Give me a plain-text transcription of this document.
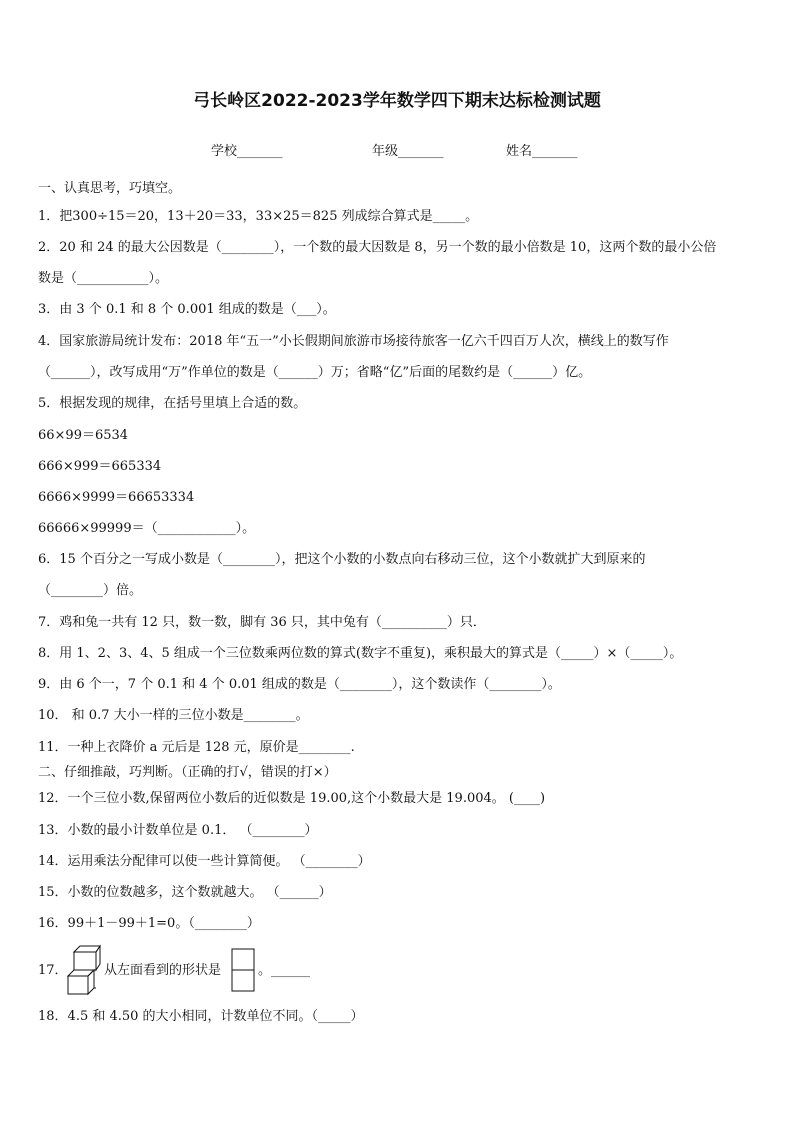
弓长岭区2022-2023学年数学四下期末达标检测试题
学校_______	年级_______	姓名_______
一、认真思考，巧填空。
1．把300÷15＝20，13＋20＝33，33×25＝825 列成综合算式是_____。
2．20 和 24 的最大公因数是（________），一个数的最大因数是 8，另一个数的最小倍数是 10，这两个数的最小公倍
数是（___________）。
3．由 3 个 0.1 和 8 个 0.001 组成的数是（___）。
4．国家旅游局统计发布：2018 年“五一”小长假期间旅游市场接待旅客一亿六千四百万人次，横线上的数写作
（______），改写成用“万”作单位的数是（______）万；省略“亿”后面的尾数约是（______）亿。
5．根据发现的规律，在括号里填上合适的数。
66×99＝6534
666×999＝665334
6666×9999＝66653334
66666×99999＝（____________）。
6．15 个百分之一写成小数是（________），把这个小数的小数点向右移动三位，这个小数就扩大到原来的
（________）倍。
7．鸡和兔一共有 12 只，数一数，脚有 36 只，其中兔有（__________）只．
8．用 1、2、3、4、5 组成一个三位数乘两位数的算式(数字不重复)，乘积最大的算式是（_____）×（_____）。
9．由 6 个一，7 个 0.1 和 4 个 0.01 组成的数是（________），这个数读作（________）。
10． 和 0.7 大小一样的三位小数是________。
11．一种上衣降价 a 元后是 128 元，原价是________.
二、仔细推敲，巧判断。（正确的打√，错误的打×）
12．一个三位小数,保留两位小数后的近似数是 19.00,这个小数最大是 19.004。 (____)
13．小数的最小计数单位是 0.1． （________）
14．运用乘法分配律可以使一些计算简便。 （________）
15．小数的位数越多，这个数就越大。 （______）
16．99＋1－99＋1=0。（________）
17．	从左面看到的形状是	。______
18．4.5 和 4.50 的大小相同，计数单位不同。（_____）
